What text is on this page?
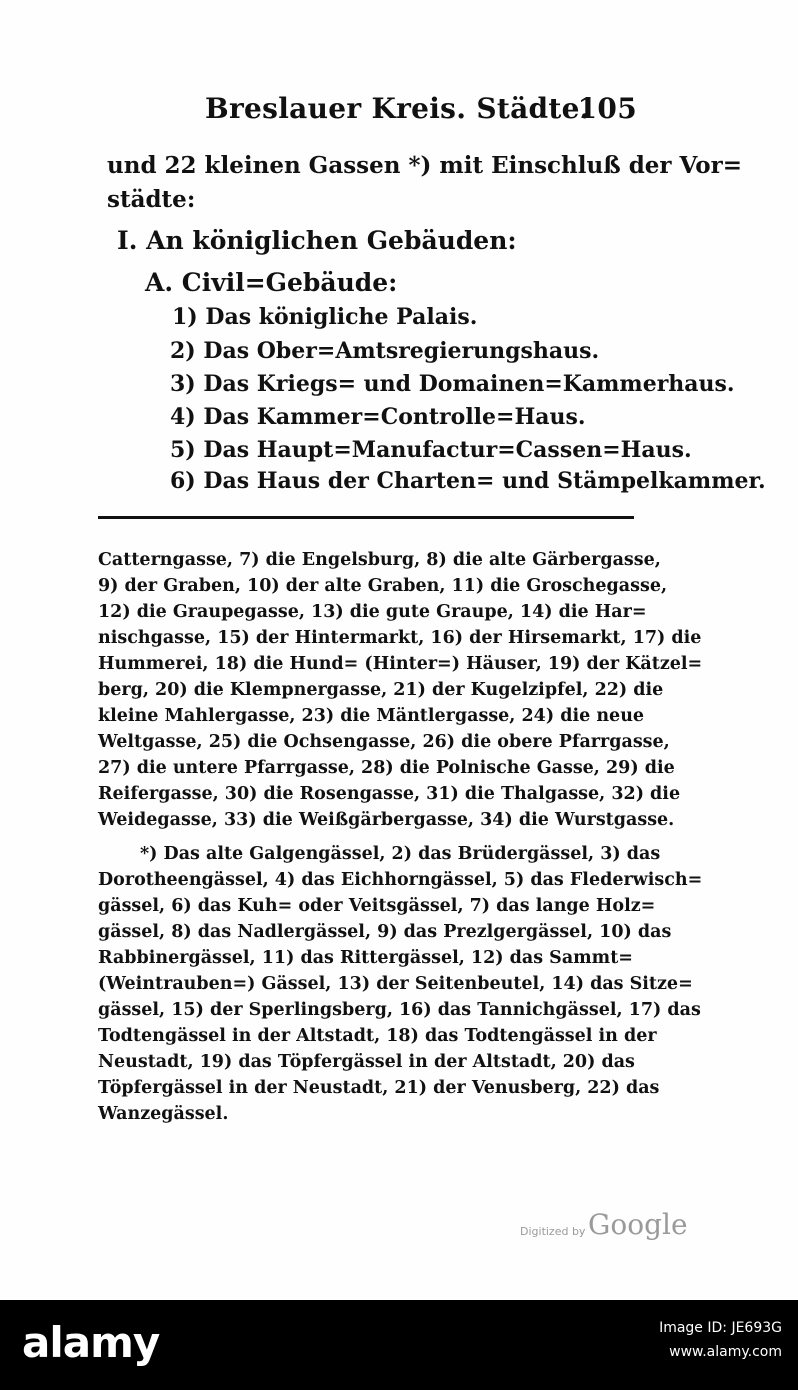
Breslauer Kreis. Städte.
105
und 22 kleinen Gassen *) mit Einschluß der Vor=
städte:
I. An königlichen Gebäuden:
A. Civil=Gebäude:
1) Das königliche Palais.
2) Das Ober=Amtsregierungshaus.
3) Das Kriegs= und Domainen=Kammerhaus.
4) Das Kammer=Controlle=Haus.
5) Das Haupt=Manufactur=Cassen=Haus.
6) Das Haus der Charten= und Stämpelkammer.
Catterngasse, 7) die Engelsburg, 8) die alte Gärbergasse,
9) der Graben, 10) der alte Graben, 11) die Groschegasse,
12) die Graupegasse, 13) die gute Graupe, 14) die Har=
nischgasse, 15) der Hintermarkt, 16) der Hirsemarkt, 17) die
Hummerei, 18) die Hund= (Hinter=) Häuser, 19) der Kätzel=
berg, 20) die Klempnergasse, 21) der Kugelzipfel, 22) die
kleine Mahlergasse, 23) die Mäntlergasse, 24) die neue
Weltgasse, 25) die Ochsengasse, 26) die obere Pfarrgasse,
27) die untere Pfarrgasse, 28) die Polnische Gasse, 29) die
Reifergasse, 30) die Rosengasse, 31) die Thalgasse, 32) die
Weidegasse, 33) die Weißgärbergasse, 34) die Wurstgasse.
*) Das alte Galgengässel, 2) das Brüdergässel, 3) das
Dorotheengässel, 4) das Eichhorngässel, 5) das Flederwisch=
gässel, 6) das Kuh= oder Veitsgässel, 7) das lange Holz=
gässel, 8) das Nadlergässel, 9) das Prezlgergässel, 10) das
Rabbinergässel, 11) das Rittergässel, 12) das Sammt=
(Weintrauben=) Gässel, 13) der Seitenbeutel, 14) das Sitze=
gässel, 15) der Sperlingsberg, 16) das Tannichgässel, 17) das
Todtengässel in der Altstadt, 18) das Todtengässel in der
Neustadt, 19) das Töpfergässel in der Altstadt, 20) das
Töpfergässel in der Neustadt, 21) der Venusberg, 22) das
Wanzegässel.
Digitized by Google
alamy	Image ID: JE693G
www.alamy.com
